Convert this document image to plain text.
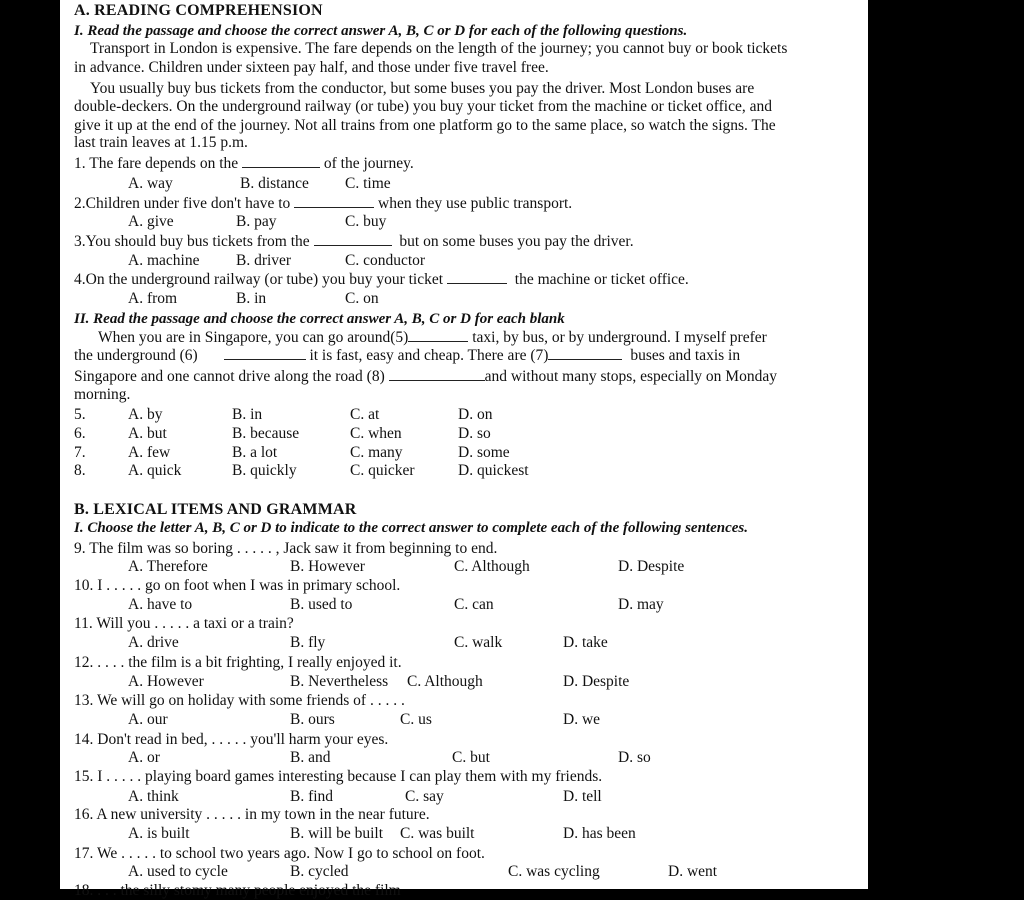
A. READING COMPREHENSION
I. Read the passage and choose the correct answer A, B, C or D for each of the following questions.
Transport in London is expensive. The fare depends on the length of the journey; you cannot buy or book tickets
in advance. Children under sixteen pay half, and those under five travel free.
You usually buy bus tickets from the conductor, but some buses you pay the driver. Most London buses are
double-deckers. On the underground railway (or tube) you buy your ticket from the machine or ticket office, and
give it up at the end of the journey. Not all trains from one platform go to the same place, so watch the signs. The
last train leaves at 1.15 p.m.
1. The fare depends on the	of the journey.
A. way	B. distance C. time
2.Children under five don't have to	when they use public transport.
A. give	B. pay	C. buy
3.You should buy bus tickets from the	but on some buses you pay the driver.
A. machine B. driver	C. conductor
4.On the underground railway (or tube) you buy your ticket	the machine or ticket office.
A. from	B. in	C. on
II. Read the passage and choose the correct answer A, B, C or D for each blank
When you are in Singapore, you can go around(5)	taxi, by bus, or by underground. I myself prefer
the underground (6)	it is fast, easy and cheap. There are (7)	buses and taxis in
Singapore and one cannot drive along the road (8)	and without many stops, especially on Monday
morning.
5.	A. by	B. in	C. at	D. on
6.	A. but	B. because	C. when	D. so
7.	A. few	B. a lot	C. many	D. some
8.	A. quick	B. quickly	C. quicker	D. quickest
B. LEXICAL ITEMS AND GRAMMAR
I. Choose the letter A, B, C or D to indicate to the correct answer to complete each of the following sentences.
9. The film was so boring . . . . . , Jack saw it from beginning to end.
A. Therefore	B. However	C. Although	D. Despite
10. I . . . . . go on foot when I was in primary school.
A. have to	B. used to	C. can	D. may
11. Will you . . . . . a taxi or a train?
A. drive	B. fly	C. walk	D. take
12. . . . . the film is a bit frighting, I really enjoyed it.
A. However	B. Nevertheless C. Although	D. Despite
13. We will go on holiday with some friends of . . . . .
A. our	B. ours	C. us	D. we
14. Don't read in bed, . . . . . you'll harm your eyes.
A. or	B. and	C. but	D. so
15. I . . . . . playing board games interesting because I can play them with my friends.
A. think	B. find	C. say	D. tell
16. A new university . . . . . in my town in the near future.
A. is built	B. will be built C. was built	D. has been
17. We . . . . . to school two years ago. Now I go to school on foot.
A. used to cycle	B. cycled	C. was cycling	D. went
18. . . . the silly stomy many people enjoyed the film
